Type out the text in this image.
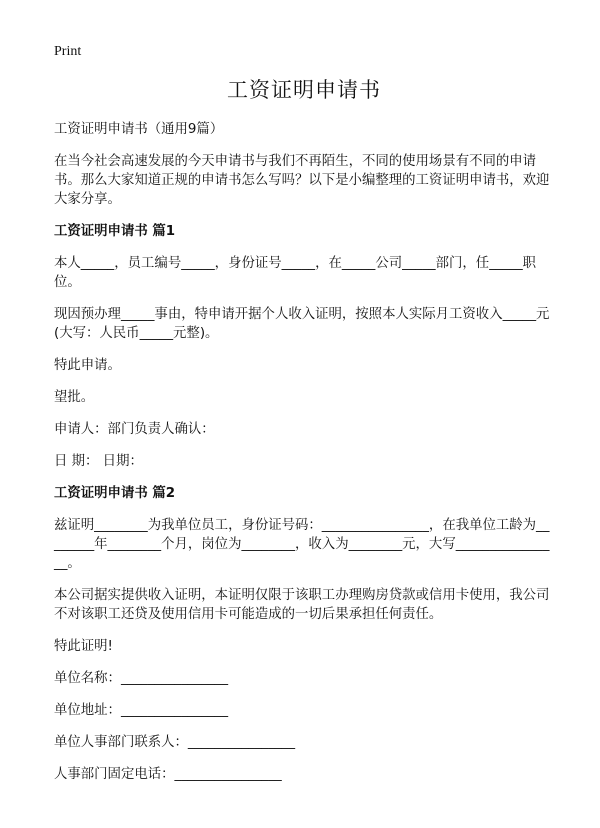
Print
工资证明申请书

工资证明申请书（通用9篇）

在当今社会高速发展的今天申请书与我们不再陌生，不同的使用场景有不同的申请书。那么大家知道正规的申请书怎么写吗？以下是小编整理的工资证明申请书，欢迎大家分享。

工资证明申请书 篇1

本人_____，员工编号_____，身份证号_____，在_____公司_____部门，任_____职位。

现因预办理_____事由，特申请开据个人收入证明，按照本人实际月工资收入_____元(大写：人民币_____元整)。

特此申请。

望批。

申请人：部门负责人确认：

日 期： 日期：

工资证明申请书 篇2

兹证明________为我单位员工，身份证号码：________________，在我单位工龄为________年________个月，岗位为________，收入为________元，大写________________。

本公司据实提供收入证明，本证明仅限于该职工办理购房贷款或信用卡使用，我公司不对该职工还贷及使用信用卡可能造成的一切后果承担任何责任。

特此证明!

单位名称：________________

单位地址：________________

单位人事部门联系人：________________

人事部门固定电话：________________
